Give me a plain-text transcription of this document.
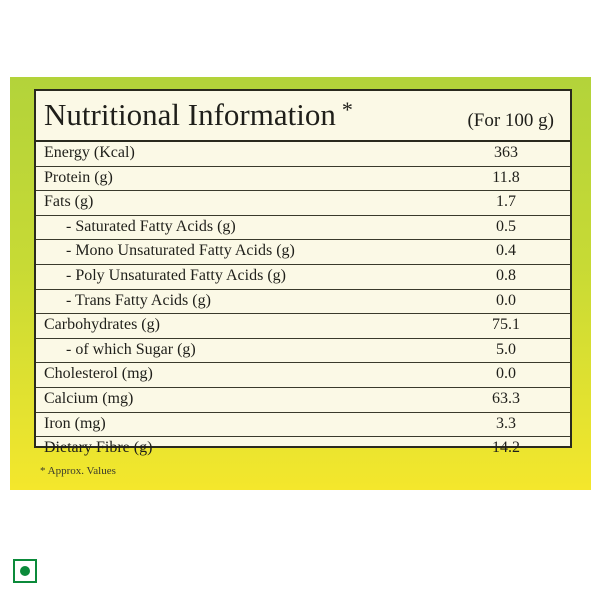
Nutritional Information *	(For 100 g)
Energy (Kcal)	363
Protein (g)	11.8
Fats (g)	1.7
- Saturated Fatty Acids (g)	0.5
- Mono Unsaturated Fatty Acids (g)	0.4
- Poly Unsaturated Fatty Acids (g)	0.8
- Trans Fatty Acids (g)	0.0
Carbohydrates (g)	75.1
- of which Sugar (g)	5.0
Cholesterol (mg)	0.0
Calcium (mg)	63.3
Iron (mg)	3.3
Dietary Fibre (g)	14.2
* Approx. Values
